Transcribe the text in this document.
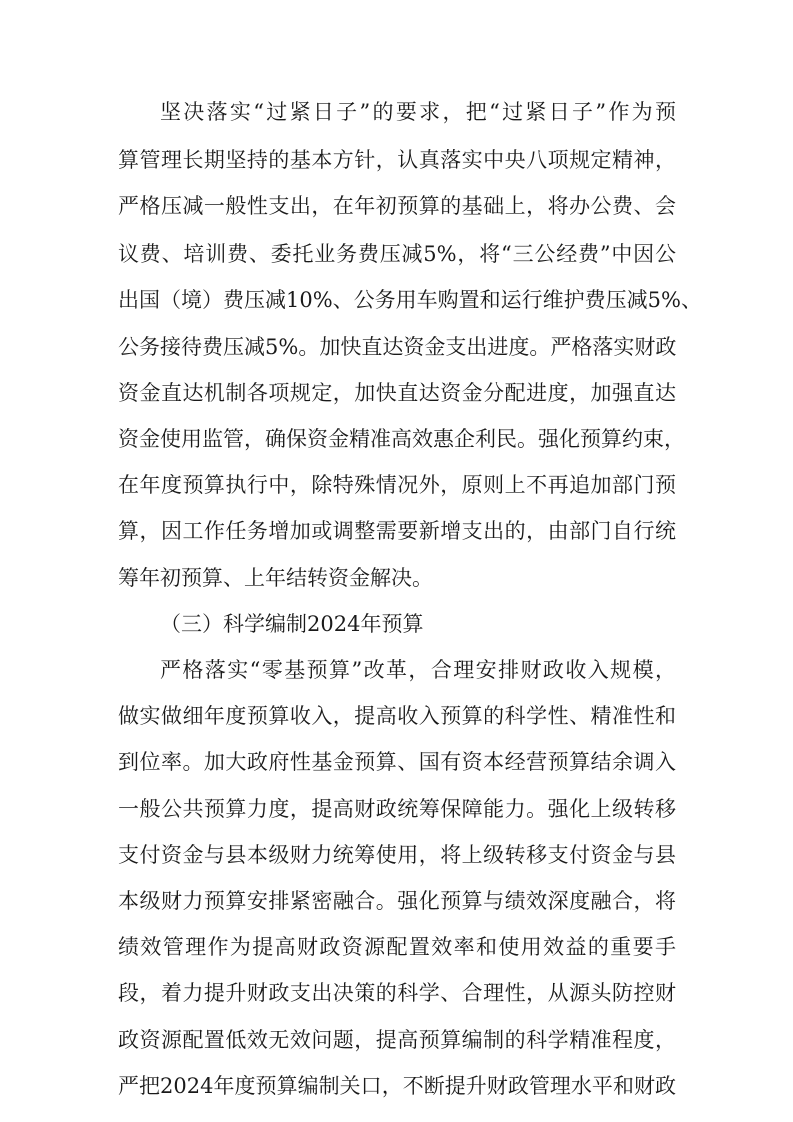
坚决落实“过紧日子”的要求，把“过紧日子”作为预
算管理长期坚持的基本方针，认真落实中央八项规定精神，
严格压减一般性支出，在年初预算的基础上，将办公费、会
议费、培训费、委托业务费压减5%，将“三公经费”中因公
出国（境）费压减10%、公务用车购置和运行维护费压减5%、
公务接待费压减5%。加快直达资金支出进度。严格落实财政
资金直达机制各项规定，加快直达资金分配进度，加强直达
资金使用监管，确保资金精准高效惠企利民。强化预算约束，
在年度预算执行中，除特殊情况外，原则上不再追加部门预
算，因工作任务增加或调整需要新增支出的，由部门自行统
筹年初预算、上年结转资金解决。
（三）科学编制2024年预算
严格落实“零基预算”改革，合理安排财政收入规模，
做实做细年度预算收入，提高收入预算的科学性、精准性和
到位率。加大政府性基金预算、国有资本经营预算结余调入
一般公共预算力度，提高财政统筹保障能力。强化上级转移
支付资金与县本级财力统筹使用，将上级转移支付资金与县
本级财力预算安排紧密融合。强化预算与绩效深度融合，将
绩效管理作为提高财政资源配置效率和使用效益的重要手
段，着力提升财政支出决策的科学、合理性，从源头防控财
政资源配置低效无效问题，提高预算编制的科学精准程度，
严把2024年度预算编制关口，不断提升财政管理水平和财政
